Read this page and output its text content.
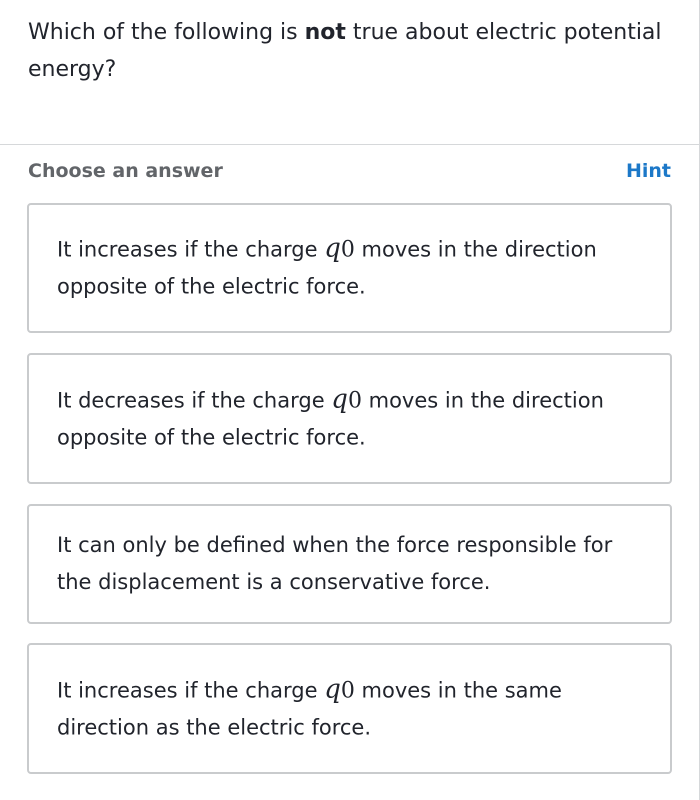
Which of the following is not true about electric potential energy?
Choose an answer	Hint
It increases if the charge q0 moves in the direction opposite of the electric force.
It decreases if the charge q0 moves in the direction opposite of the electric force.
It can only be defined when the force responsible for the displacement is a conservative force.
It increases if the charge q0 moves in the same direction as the electric force.
